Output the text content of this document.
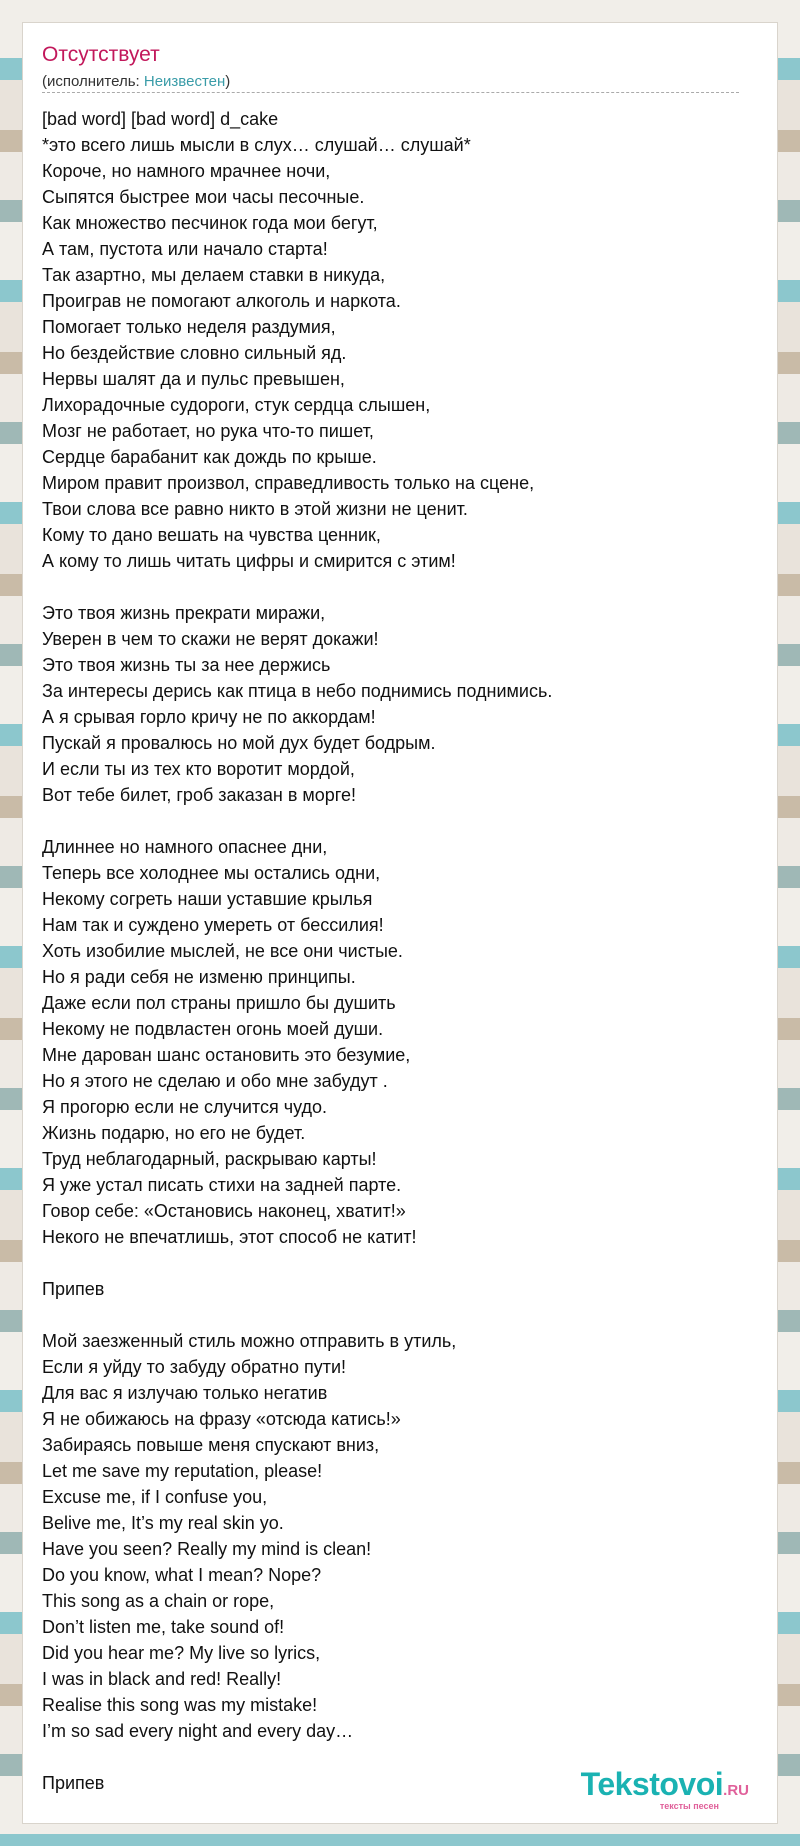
Отсутствует
(исполнитель: Неизвестен)
[bad word] [bad word] d_cake
*это всего лишь мысли в слух… слушай… слушай*
Короче, но намного мрачнее ночи,
Сыпятся быстрее мои часы песочные.
Как множество песчинок года мои бегут,
А там, пустота или начало старта!
Так азартно, мы делаем ставки в никуда,
Проиграв не помогают алкоголь и наркота.
Помогает только неделя раздумия,
Но бездействие словно сильный яд.
Нервы шалят да и пульс превышен,
Лихорадочные судороги, стук сердца слышен,
Мозг не работает, но рука что-то пишет,
Сердце барабанит как дождь по крыше.
Миром правит произвол, справедливость только на сцене,
Твои слова все равно никто в этой жизни не ценит.
Кому то дано вешать на чувства ценник,
А кому то лишь читать цифры и смирится с этим!
Это твоя жизнь прекрати миражи,
Уверен в чем то скажи не верят докажи!
Это твоя жизнь ты за нее держись
За интересы дерись как птица в небо поднимись поднимись.
А я срывая горло кричу не по аккордам!
Пускай я провалюсь но мой дух будет бодрым.
И если ты из тех кто воротит мордой,
Вот тебе билет, гроб заказан в морге!
Длиннее но намного опаснее дни,
Теперь все холоднее мы остались одни,
Некому согреть наши уставшие крылья
Нам так и суждено умереть от бессилия!
Хоть изобилие мыслей, не все они чистые.
Но я ради себя не изменю принципы.
Даже если пол страны пришло бы душить
Некому не подвластен огонь моей души.
Мне дарован шанс остановить это безумие,
Но я этого не сделаю и обо мне забудут .
Я прогорю если не случится чудо.
Жизнь подарю, но его не будет.
Труд неблагодарный, раскрываю карты!
Я уже устал писать стихи на задней парте.
Говор себе: «Остановись наконец, хватит!»
Некого не впечатлишь, этот способ не катит!
Припев
Мой заезженный стиль можно отправить в утиль,
Если я уйду то забуду обратно пути!
Для вас я излучаю только негатив
Я не обижаюсь на фразу «отсюда катись!»
Забираясь повыше меня спускают вниз,
Let me save my reputation, please!
Excuse me, if I confuse you,
Belive me, It’s my real skin yo.
Have you seen? Really my mind is clean!
Do you know, what I mean? Nope?
This song as a chain or rope,
Don’t listen me, take sound of!
Did you hear me? My live so lyrics,
I was in black and red! Really!
Realise this song was my mistake!
I’m so sad every night and every day…
Припев	Tekstovoi.RU
тексты песен
